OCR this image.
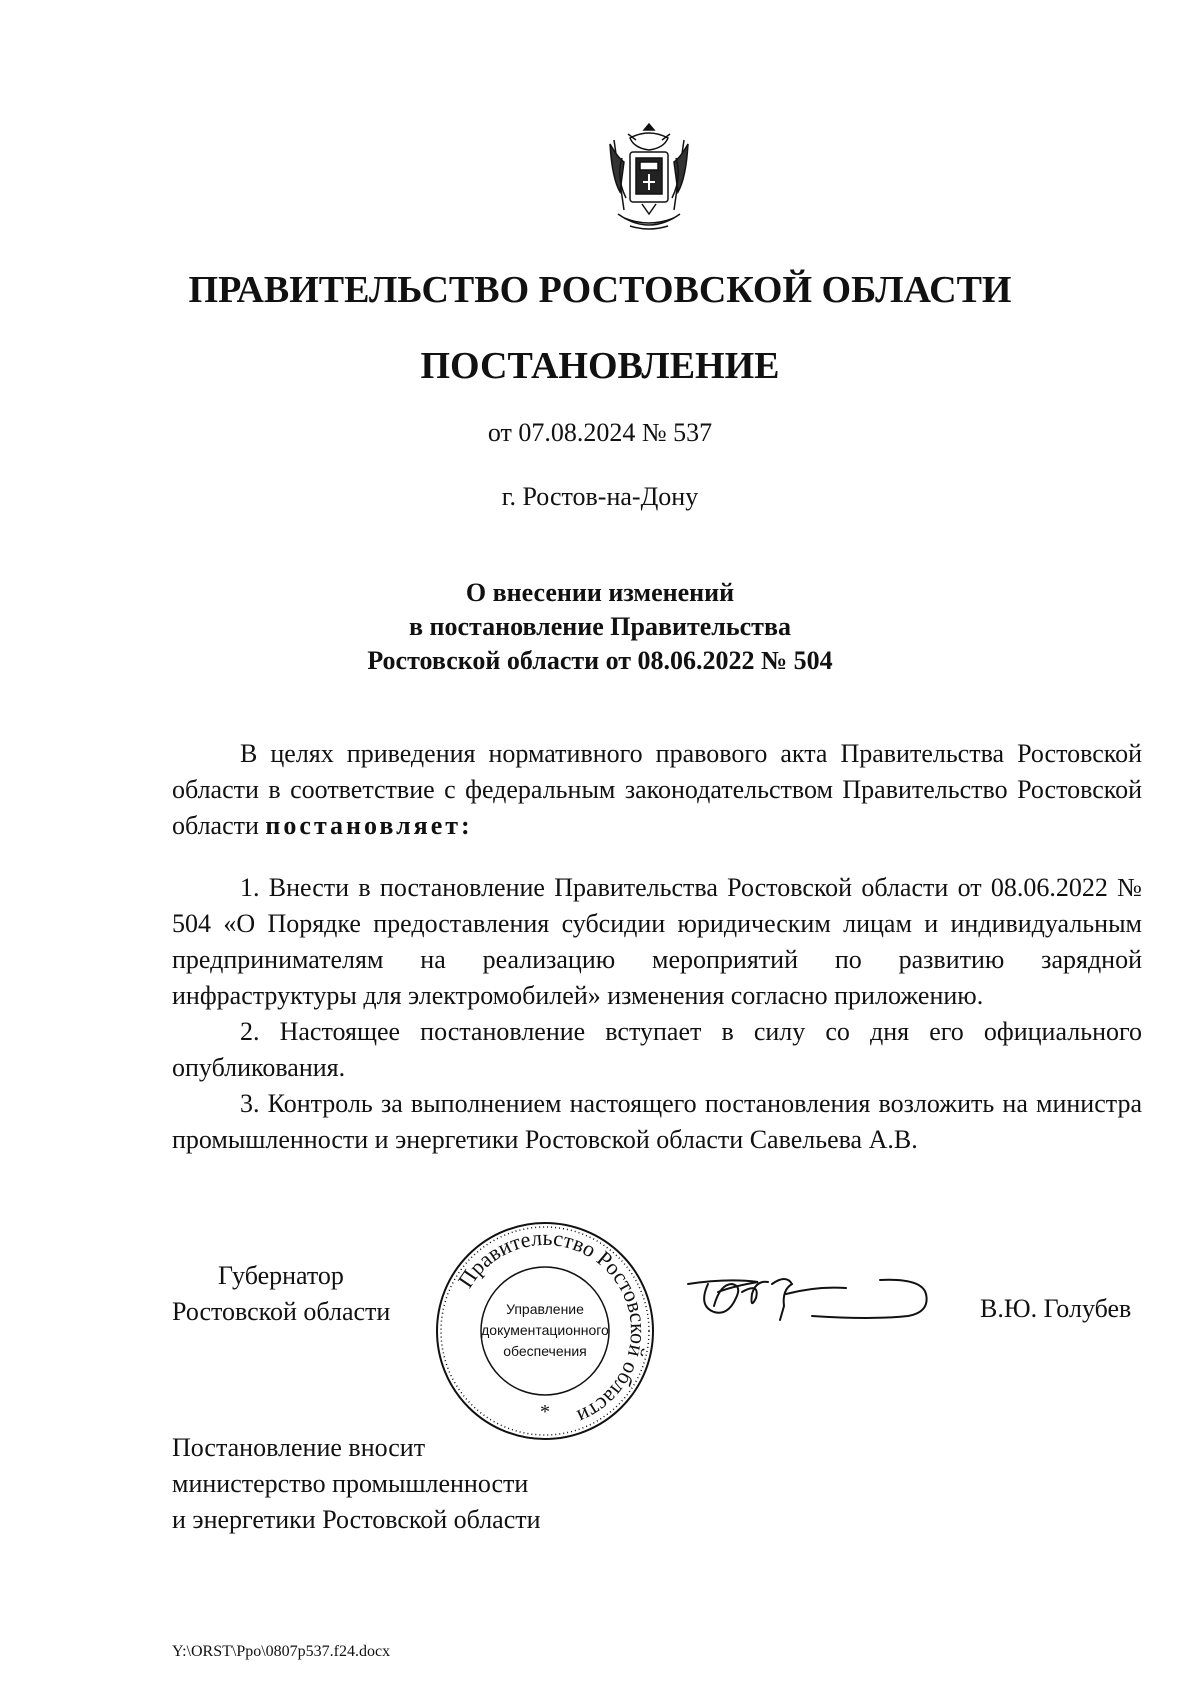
ПРАВИТЕЛЬСТВО РОСТОВСКОЙ ОБЛАСТИ
ПОСТАНОВЛЕНИЕ
от 07.08.2024 № 537
г. Ростов-на-Дону
О внесении изменений
в постановление Правительства
Ростовской области от 08.06.2022 № 504

В целях приведения нормативного правового акта Правительства Ростовской области в соответствие с федеральным законодательством Правительство Ростовской области постановляет:

1. Внести в постановление Правительства Ростовской области от 08.06.2022 № 504 «О Порядке предоставления субсидии юридическим лицам и индивидуальным предпринимателям на реализацию мероприятий по развитию зарядной инфраструктуры для электромобилей» изменения согласно приложению.

2. Настоящее постановление вступает в силу со дня его официального опубликования.

3. Контроль за выполнением настоящего постановления возложить на министра промышленности и энергетики Ростовской области Савельева А.В.

Губернатор
Ростовской области
Правительство Ростовской области
Управление
документационного
обеспечения
*
В.Ю. Голубев
Постановление вносит
министерство промышленности
и энергетики Ростовской области
Y:\ORST\Ppo\0807p537.f24.docx
